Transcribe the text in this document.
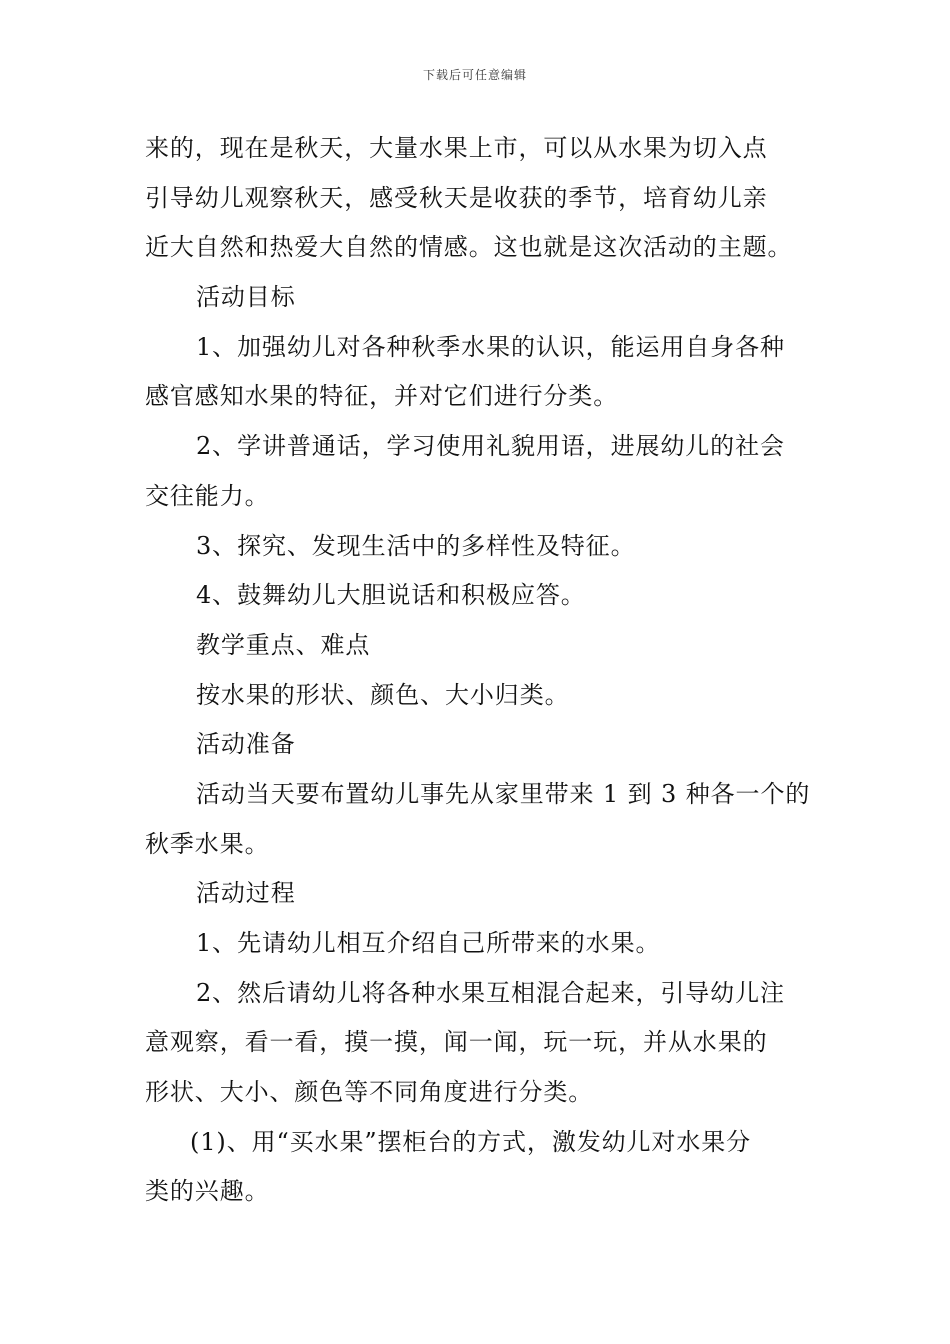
下载后可任意编辑
来的，现在是秋天，大量水果上市，可以从水果为切入点
引导幼儿观察秋天，感受秋天是收获的季节，培育幼儿亲
近大自然和热爱大自然的情感。这也就是这次活动的主题。
活动目标
1、加强幼儿对各种秋季水果的认识，能运用自身各种
感官感知水果的特征，并对它们进行分类。
2、学讲普通话，学习使用礼貌用语，进展幼儿的社会
交往能力。
3、探究、发现生活中的多样性及特征。
4、鼓舞幼儿大胆说话和积极应答。
教学重点、难点
按水果的形状、颜色、大小归类。
活动准备
活动当天要布置幼儿事先从家里带来 1 到 3 种各一个的
秋季水果。
活动过程
1、先请幼儿相互介绍自己所带来的水果。
2、然后请幼儿将各种水果互相混合起来，引导幼儿注
意观察，看一看，摸一摸，闻一闻，玩一玩，并从水果的
形状、大小、颜色等不同角度进行分类。
(1)、用“买水果”摆柜台的方式，激发幼儿对水果分
类的兴趣。
